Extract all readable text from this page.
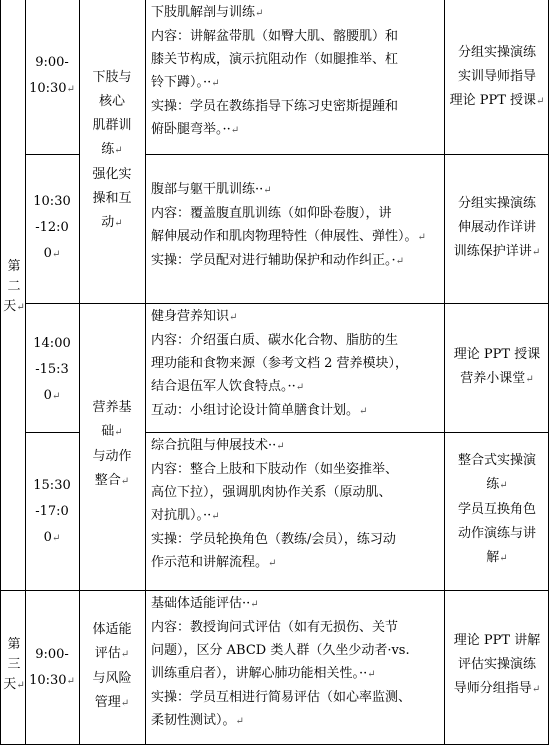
第
二
天↵
第
三
天↵
9:00-
10:30↵
10:30
-12:0
0↵
14:00
-15:3
0↵
15:30
-17:0
0↵
9:00-
10:30↵
下肢与
核心
肌群训
练↵
强化实
操和互
动↵
营养基
础↵
与动作
整合↵
体适能
评估↵
与风险
管理↵
下肢肌解剖与训练↵
内容：讲解盆带肌（如臀大肌、髂腰肌）和
膝关节构成，演示抗阻动作（如腿推举、杠
铃下蹲）。··↵
实操：学员在教练指导下练习史密斯提踵和
俯卧腿弯举。··↵
腹部与躯干肌训练··↵
内容：覆盖腹直肌训练（如仰卧卷腹），讲
解伸展动作和肌肉物理特性（伸展性、弹性）。↵
实操：学员配对进行辅助保护和动作纠正。·↵
健身营养知识↵
内容：介绍蛋白质、碳水化合物、脂肪的生
理功能和食物来源（参考文档 2 营养模块），
结合退伍军人饮食特点。··↵
互动：小组讨论设计简单膳食计划。↵
综合抗阻与伸展技术··↵
内容：整合上肢和下肢动作（如坐姿推举、
高位下拉），强调肌肉协作关系（原动肌、
对抗肌）。··↵
实操：学员轮换角色（教练/会员），练习动
作示范和讲解流程。↵
基础体适能评估··↵
内容：教授询问式评估（如有无损伤、关节
问题），区分 ABCD 类人群（久坐少动者·vs.
训练重启者），讲解心肺功能相关性。··↵
实操：学员互相进行简易评估（如心率监测、
柔韧性测试）。↵
分组实操演练
实训导师指导
理论 PPT 授课↵
分组实操演练
伸展动作详讲
训练保护详讲↵
理论 PPT 授课
营养小课堂↵
整合式实操演
练↵
学员互换角色
动作演练与讲
解↵
理论 PPT 讲解
评估实操演练
导师分组指导↵
